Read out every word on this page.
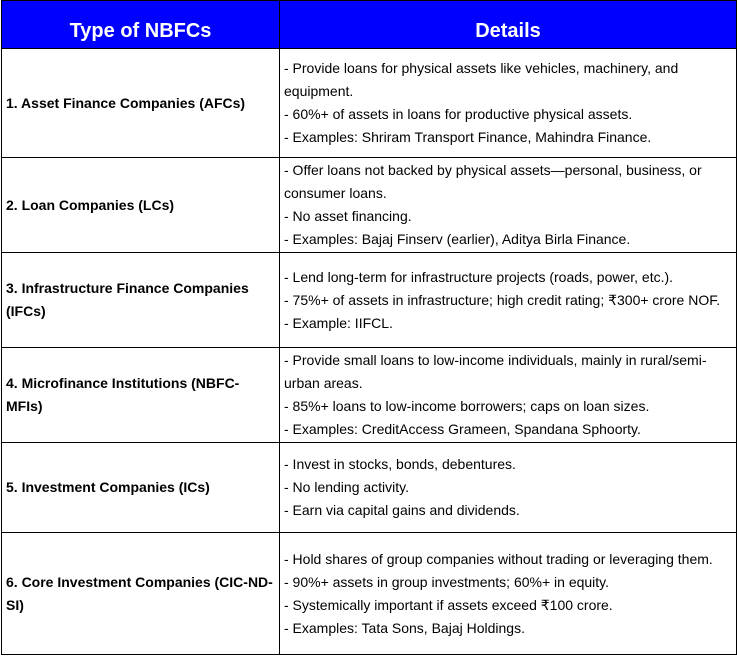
Type of NBFCs	Details
1. Asset Finance Companies (AFCs)	- Provide loans for physical assets like vehicles, machinery, and equipment.
- 60%+ of assets in loans for productive physical assets.
- Examples: Shriram Transport Finance, Mahindra Finance.

2. Loan Companies (LCs)	- Offer loans not backed by physical assets—personal, business, or consumer loans.
- No asset financing.
- Examples: Bajaj Finserv (earlier), Aditya Birla Finance.

3. Infrastructure Finance Companies (IFCs)	- Lend long-term for infrastructure projects (roads, power, etc.).
- 75%+ of assets in infrastructure; high credit rating; ₹300+ crore NOF.
- Example: IIFCL.

4. Microfinance Institutions (NBFC-MFIs)	- Provide small loans to low-income individuals, mainly in rural/semi-urban areas.
- 85%+ loans to low-income borrowers; caps on loan sizes.
- Examples: CreditAccess Grameen, Spandana Sphoorty.

5. Investment Companies (ICs)	- Invest in stocks, bonds, debentures.
- No lending activity.
- Earn via capital gains and dividends.

6. Core Investment Companies (CIC-ND-SI)	- Hold shares of group companies without trading or leveraging them.
- 90%+ assets in group investments; 60%+ in equity.
- Systemically important if assets exceed ₹100 crore.
- Examples: Tata Sons, Bajaj Holdings.
